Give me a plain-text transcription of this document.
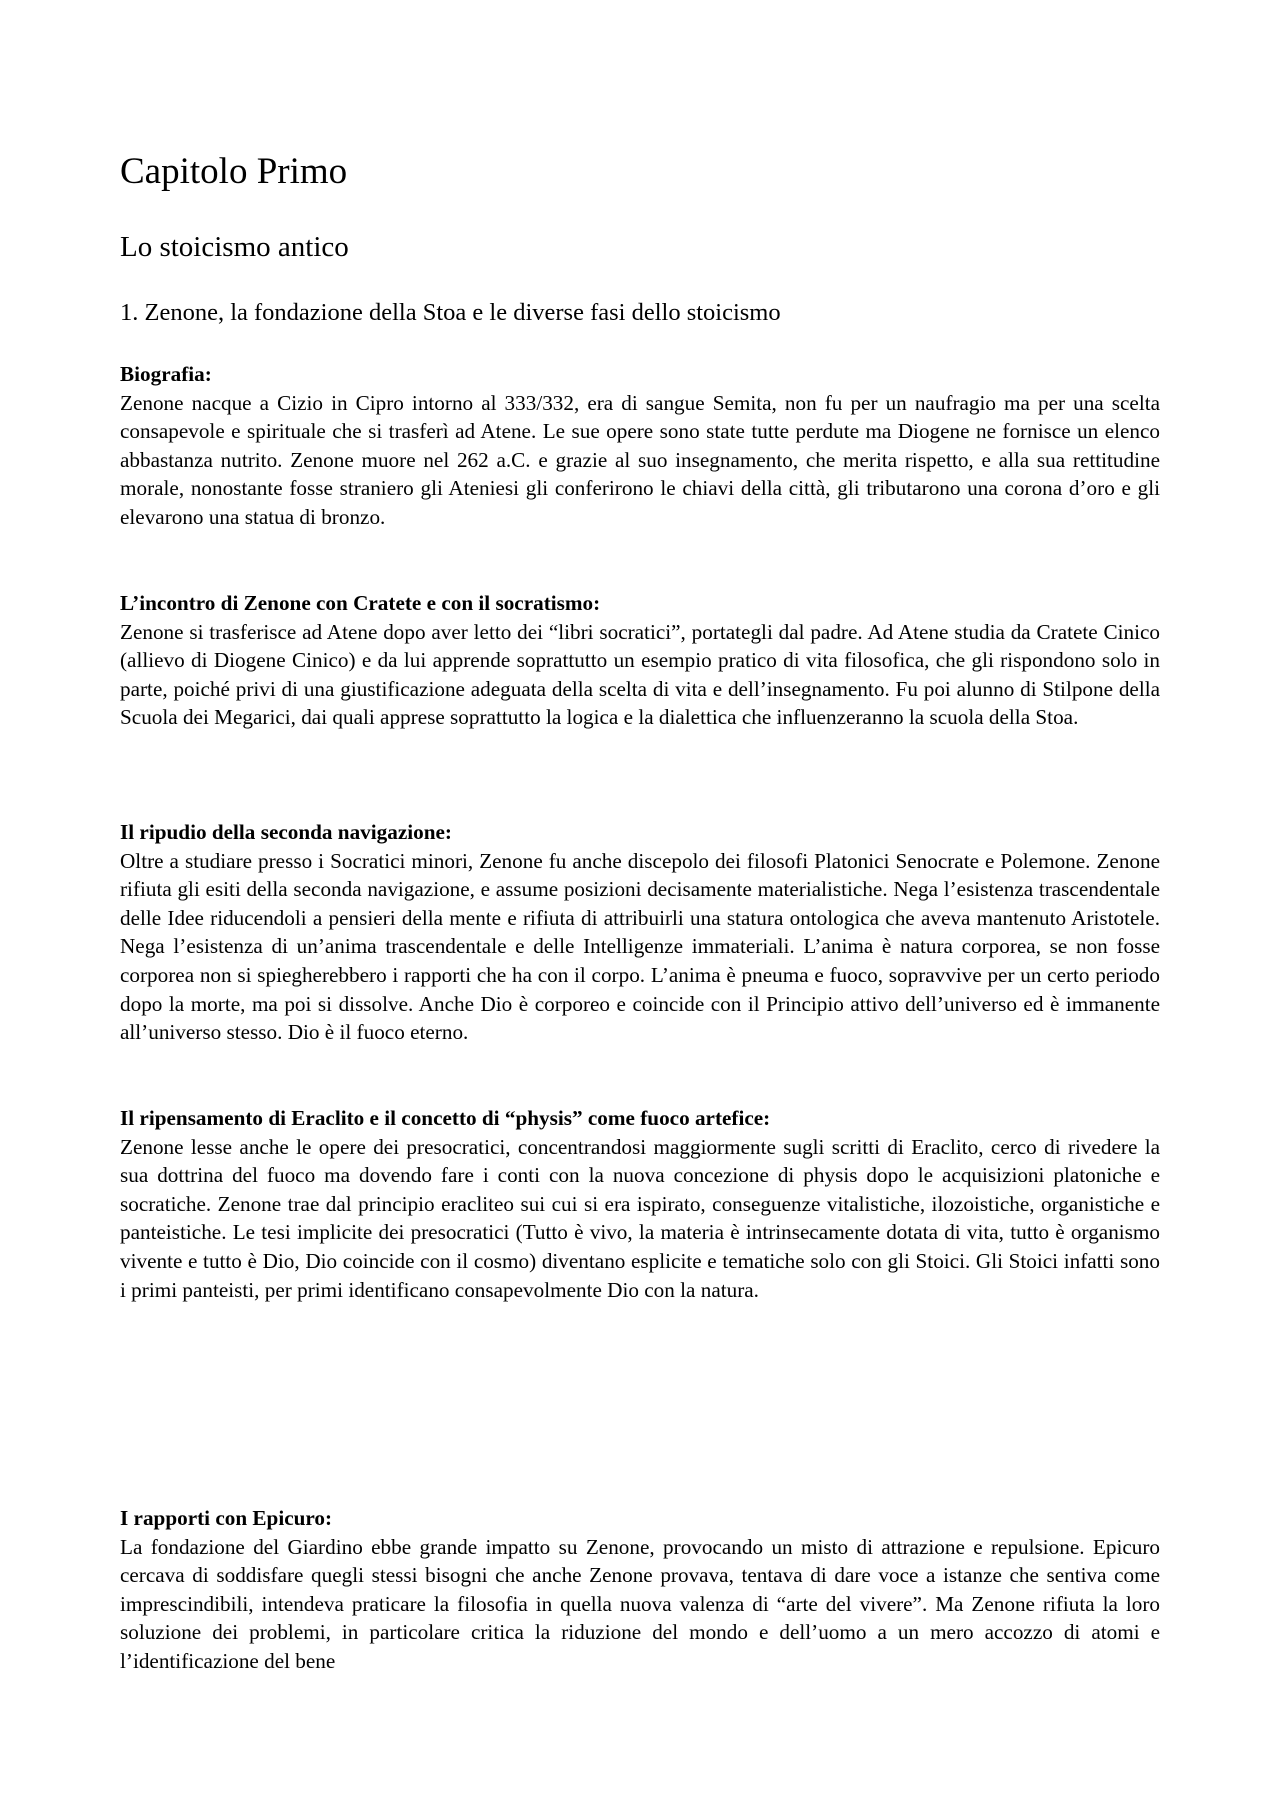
Capitolo Primo
Lo stoicismo antico
1. Zenone, la fondazione della Stoa e le diverse fasi dello stoicismo
Biografia:

Zenone nacque a Cizio in Cipro intorno al 333/332, era di sangue Semita, non fu per un naufragio ma per una scelta consapevole e spirituale che si trasferì ad Atene. Le sue opere sono state tutte perdute ma Diogene ne fornisce un elenco abbastanza nutrito. Zenone muore nel 262 a.C. e grazie al suo insegnamento, che merita rispetto, e alla sua rettitudine morale, nonostante fosse straniero gli Ateniesi gli conferirono le chiavi della città, gli tributarono una corona d’oro e gli elevarono una statua di bronzo.

L’incontro di Zenone con Cratete e con il socratismo:

Zenone si trasferisce ad Atene dopo aver letto dei “libri socratici”, portategli dal padre. Ad Atene studia da Cratete Cinico (allievo di Diogene Cinico) e da lui apprende soprattutto un esempio pratico di vita filosofica, che gli rispondono solo in parte, poiché privi di una giustificazione adeguata della scelta di vita e dell’insegnamento. Fu poi alunno di Stilpone della Scuola dei Megarici, dai quali apprese soprattutto la logica e la dialettica che influenzeranno la scuola della Stoa.

Il ripudio della seconda navigazione:

Oltre a studiare presso i Socratici minori, Zenone fu anche discepolo dei filosofi Platonici Senocrate e Polemone. Zenone rifiuta gli esiti della seconda navigazione, e assume posizioni decisamente materialistiche. Nega l’esistenza trascendentale delle Idee riducendoli a pensieri della mente e rifiuta di attribuirli una statura ontologica che aveva mantenuto Aristotele. Nega l’esistenza di un’anima trascendentale e delle Intelligenze immateriali. L’anima è natura corporea, se non fosse corporea non si spiegherebbero i rapporti che ha con il corpo. L’anima è pneuma e fuoco, sopravvive per un certo periodo dopo la morte, ma poi si dissolve. Anche Dio è corporeo e coincide con il Principio attivo dell’universo ed è immanente all’universo stesso. Dio è il fuoco eterno.

Il ripensamento di Eraclito e il concetto di “physis” come fuoco artefice:

Zenone lesse anche le opere dei presocratici, concentrandosi maggiormente sugli scritti di Eraclito, cerco di rivedere la sua dottrina del fuoco ma dovendo fare i conti con la nuova concezione di physis dopo le acquisizioni platoniche e socratiche. Zenone trae dal principio eracliteo sui cui si era ispirato, conseguenze vitalistiche, ilozoistiche, organistiche e panteistiche. Le tesi implicite dei presocratici (Tutto è vivo, la materia è intrinsecamente dotata di vita, tutto è organismo vivente e tutto è Dio, Dio coincide con il cosmo) diventano esplicite e tematiche solo con gli Stoici. Gli Stoici infatti sono i primi panteisti, per primi identificano consapevolmente Dio con la natura.

I rapporti con Epicuro:

La fondazione del Giardino ebbe grande impatto su Zenone, provocando un misto di attrazione e repulsione. Epicuro cercava di soddisfare quegli stessi bisogni che anche Zenone provava, tentava di dare voce a istanze che sentiva come imprescindibili, intendeva praticare la filosofia in quella nuova valenza di “arte del vivere”. Ma Zenone rifiuta la loro soluzione dei problemi, in particolare critica la riduzione del mondo e dell’uomo a un mero accozzo di atomi e l’identificazione del bene
